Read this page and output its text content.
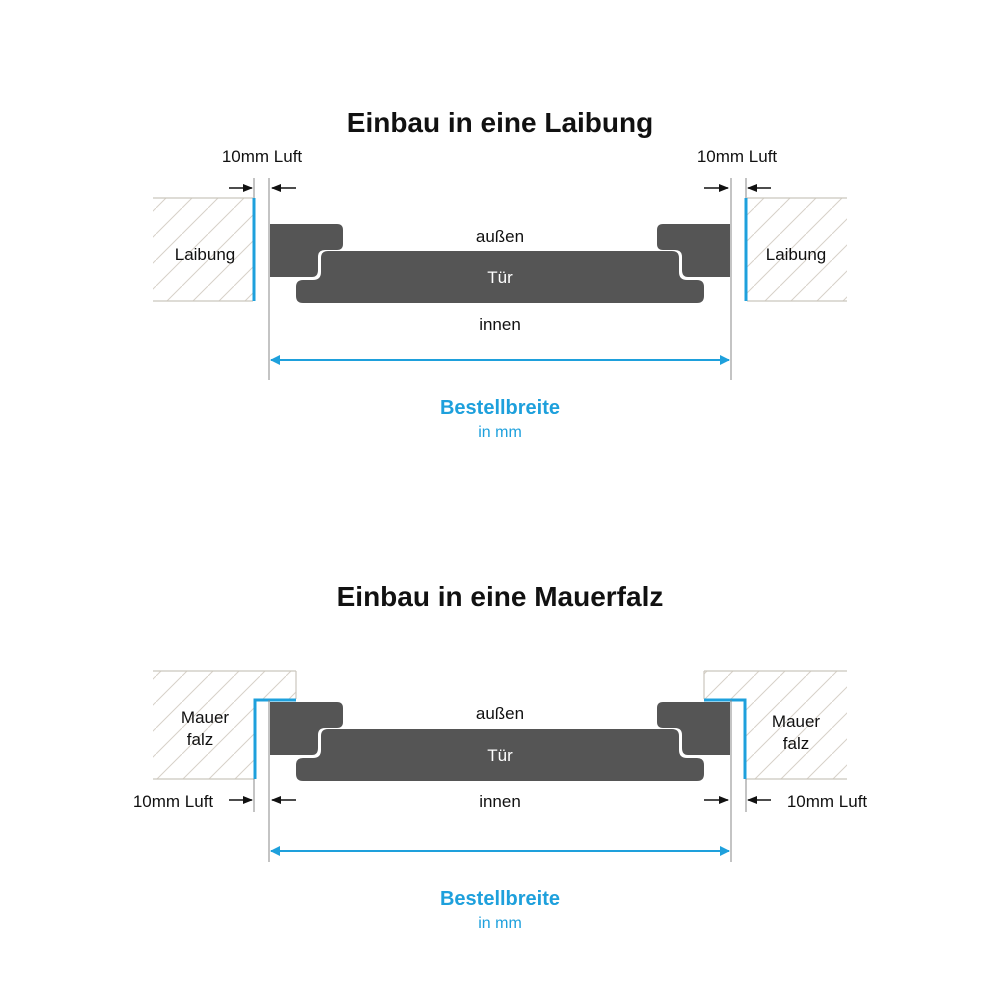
Einbau in eine Laibung
10mm Luft	10mm Luft
Laibung	Laibung
außen
Tür
innen
Bestellbreite
in mm
Einbau in eine Mauerfalz
Mauer
falz
Mauer
falz
außen
Tür
innen
10mm Luft	10mm Luft
Bestellbreite
in mm
